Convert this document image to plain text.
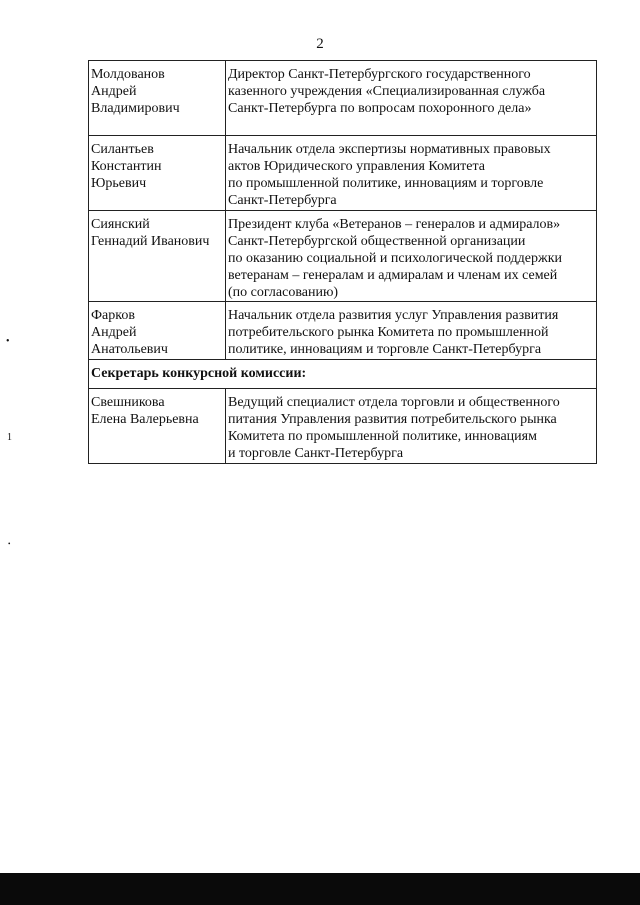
2
•
1
•
Молдованов
Андрей
Владимирович	Директор Санкт-Петербургского государственного
казенного учреждения «Специализированная служба
Санкт-Петербурга по вопросам похоронного дела»

Силантьев
Константин
Юрьевич	Начальник отдела экспертизы нормативных правовых
актов Юридического управления Комитета
по промышленной политике, инновациям и торговле
Санкт-Петербурга

Сиянский
Геннадий Иванович	Президент клуба «Ветеранов – генералов и адмиралов»
Санкт-Петербургской общественной организации
по оказанию социальной и психологической поддержки
ветеранам – генералам и адмиралам и членам их семей
(по согласованию)

Фарков
Андрей
Анатольевич	Начальник отдела развития услуг Управления развития
потребительского рынка Комитета по промышленной
политике, инновациям и торговле Санкт-Петербурга

Секретарь конкурсной комиссии:	

Свешникова
Елена Валерьевна	Ведущий специалист отдела торговли и общественного
питания Управления развития потребительского рынка
Комитета по промышленной политике, инновациям
и торговле Санкт-Петербурга
